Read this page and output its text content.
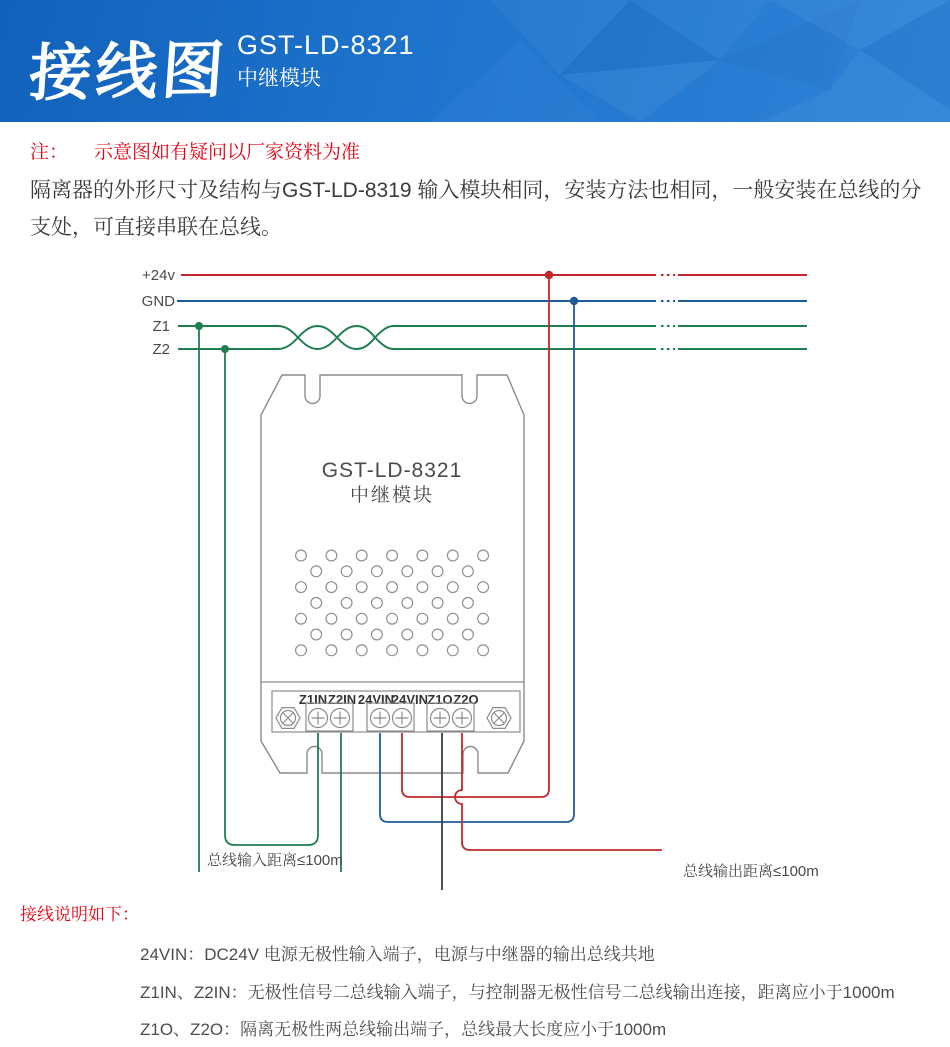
接线图 GST-LD-8321
中继模块
注： 示意图如有疑问以厂家资料为准
隔离器的外形尺寸及结构与GST-LD-8319 输入模块相同，安装方法也相同，一般安装在总线的分支处，可直接串联在总线。
+24v
GND
Z1
Z2
GST-LD-8321
中继模块
Z1IN Z2IN 24VIN
24VIN Z1O Z2O
总线输入距离≤100m
总线输出距离≤100m
接线说明如下：
24VIN：DC24V 电源无极性输入端子，电源与中继器的输出总线共地
Z1IN、Z2IN：无极性信号二总线输入端子，与控制器无极性信号二总线输出连接，距离应小于1000m
Z1O、Z2O：隔离无极性两总线输出端子，总线最大长度应小于1000m
